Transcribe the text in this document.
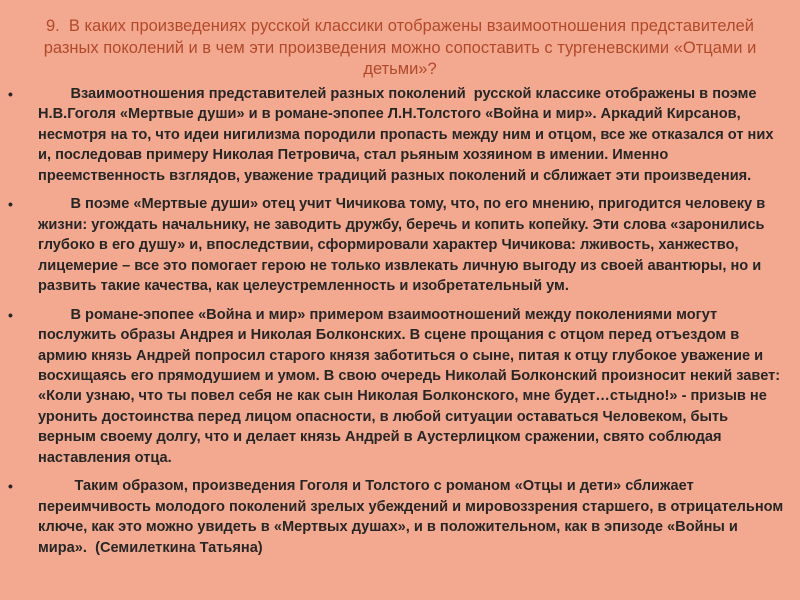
9. В каких произведениях русской классики отображены взаимоотношения представителей разных поколений и в чем эти произведения можно сопоставить с тургеневскими «Отцами и детьми»?
•	Взаимоотношения представителей разных поколений  русской классике отображены в поэме Н.В.Гоголя «Мертвые души» и в романе-эпопее Л.Н.Толстого «Война и мир». Аркадий Кирсанов, несмотря на то, что идеи нигилизма породили пропасть между ним и отцом, все же отказался от них и, последовав примеру Николая Петровича, стал рьяным хозяином в имении. Именно преемственность взглядов, уважение традиций разных поколений и сближает эти произведения.
•	В поэме «Мертвые души» отец учит Чичикова тому, что, по его мнению, пригодится человеку в жизни: угождать начальнику, не заводить дружбу, беречь и копить копейку. Эти слова «заронились глубоко в его душу» и, впоследствии, сформировали характер Чичикова: лживость, ханжество, лицемерие – все это помогает герою не только извлекать личную выгоду из своей авантюры, но и развить такие качества, как целеустремленность и изобретательный ум.
•	В романе-эпопее «Война и мир» примером взаимоотношений между поколениями могут послужить образы Андрея и Николая Болконских. В сцене прощания с отцом перед отъездом в армию князь Андрей попросил старого князя заботиться о сыне, питая к отцу глубокое уважение и восхищаясь его прямодушием и умом. В свою очередь Николай Болконский произносит некий завет: «Коли узнаю, что ты повел себя не как сын Николая Болконского, мне будет…стыдно!» - призыв не уронить достоинства перед лицом опасности, в любой ситуации оставаться Человеком, быть верным своему долгу, что и делает князь Андрей в Аустерлицком сражении, свято соблюдая наставления отца.
•	Таким образом, произведения Гоголя и Толстого с романом «Отцы и дети» сближает переимчивость молодого поколений зрелых убеждений и мировоззрения старшего, в отрицательном ключе, как это можно увидеть в «Мертвых душах», и в положительном, как в эпизоде «Войны и мира».  (Семилеткина Татьяна)
